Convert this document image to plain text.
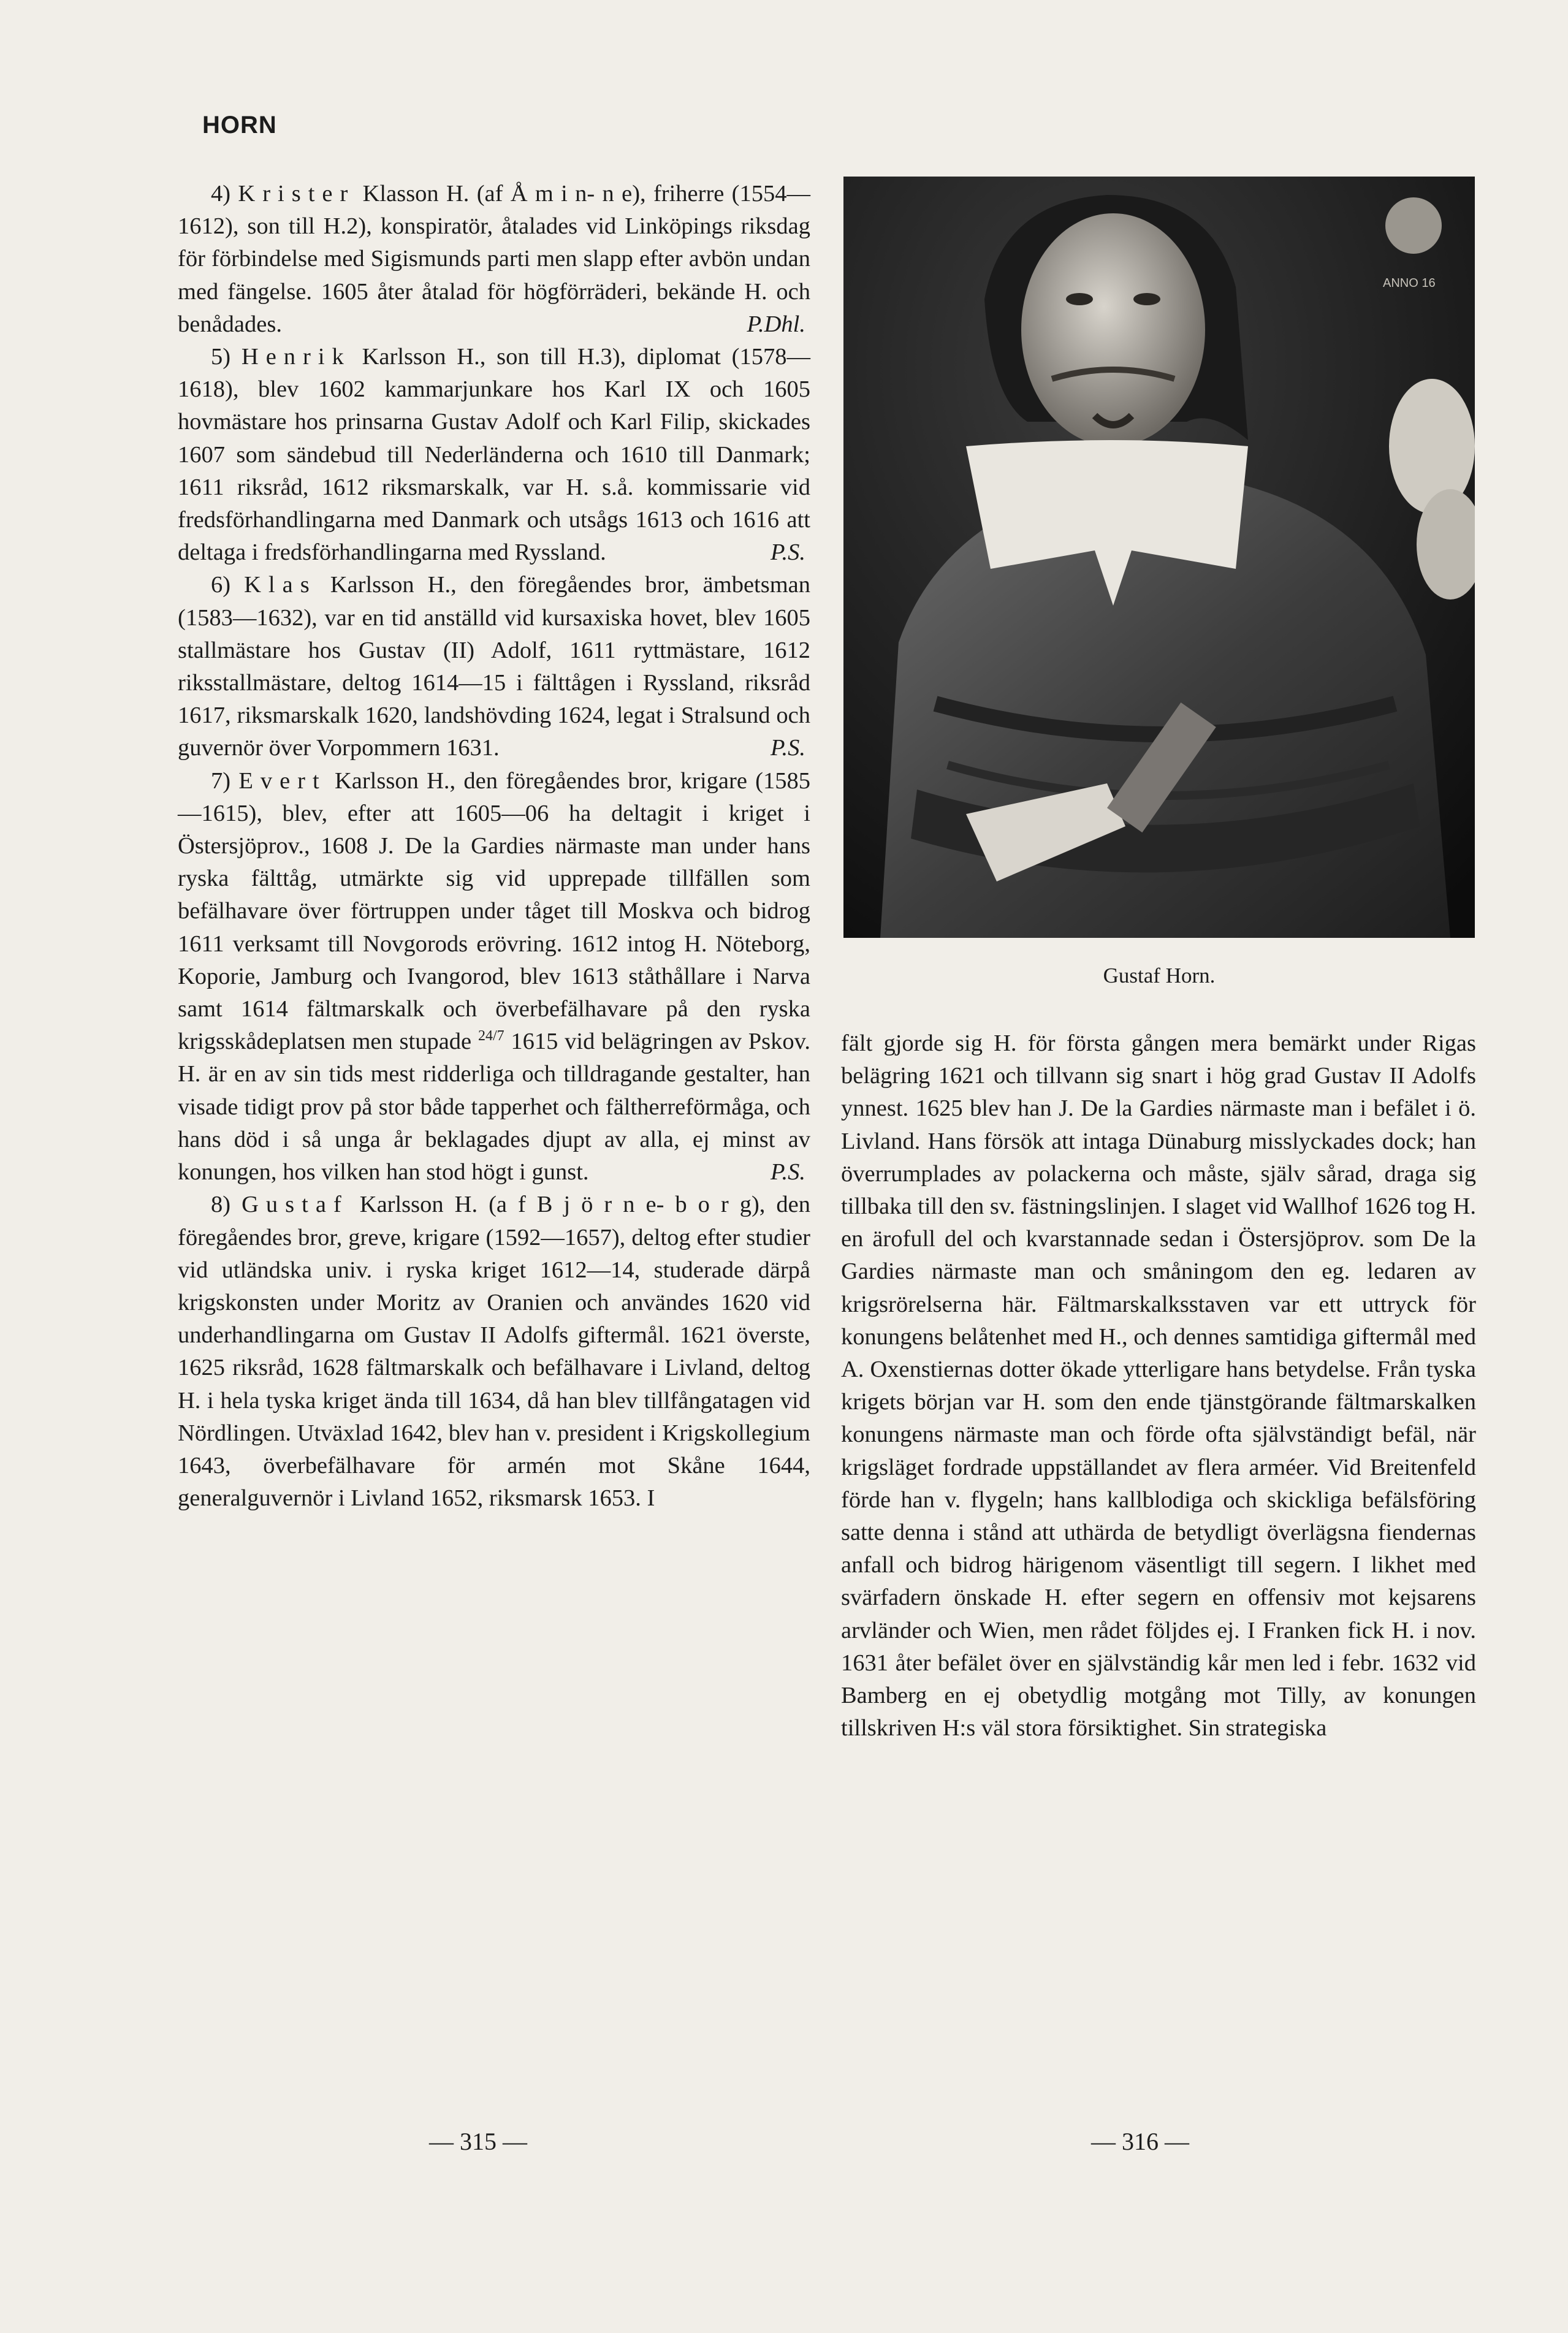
HORN

4) Krister Klasson H. (af Å m i n- n e), friherre (1554—1612), son till H.2), konspiratör, åtalades vid Linköpings riksdag för förbindelse med Sigismunds parti men slapp efter avbön undan med fängelse. 1605 åter åtalad för högförräderi, bekände H. och benådades.	P.Dhl.

5) Henrik Karlsson H., son till H.3), diplomat (1578—1618), blev 1602 kammarjunkare hos Karl IX och 1605 hovmästare hos prinsarna Gustav Adolf och Karl Filip, skickades 1607 som sändebud till Nederländerna och 1610 till Danmark; 1611 riksråd, 1612 riksmarskalk, var H. s.å. kommissarie vid fredsförhandlingarna med Danmark och utsågs 1613 och 1616 att deltaga i fredsförhandlingarna med Ryssland.	P.S.

6) Klas Karlsson H., den föregåendes bror, ämbetsman (1583—1632), var en tid anställd vid kursaxiska hovet, blev 1605 stallmästare hos Gustav (II) Adolf, 1611 ryttmästare, 1612 riksstallmästare, deltog 1614—15 i fälttågen i Ryssland, riksråd 1617, riksmarskalk 1620, landshövding 1624, legat i Stralsund och guvernör över Vorpommern 1631.	P.S.

7) Evert Karlsson H., den föregåendes bror, krigare (1585—1615), blev, efter att 1605—06 ha deltagit i kriget i Östersjöprov., 1608 J. De la Gardies närmaste man under hans ryska fälttåg, utmärkte sig vid upprepade tillfällen som befälhavare över förtruppen under tåget till Moskva och bidrog 1611 verksamt till Novgorods erövring. 1612 intog H. Nöteborg, Koporie, Jamburg och Ivangorod, blev 1613 ståthållare i Narva samt 1614 fältmarskalk och överbefälhavare på den ryska krigsskådeplatsen men stupade $^{24/7}$ 1615 vid belägringen av Pskov. H. är en av sin tids mest ridderliga och tilldragande gestalter, han visade tidigt prov på stor både tapperhet och fältherreförmåga, och hans död i så unga år beklagades djupt av alla, ej minst av konungen, hos vilken han stod högt i gunst.	P.S.

8) Gustaf Karlsson H. (a f B j ö r n e- b o r g), den föregåendes bror, greve, krigare (1592—1657), deltog efter studier vid utländska univ. i ryska kriget 1612—14, studerade därpå krigskonsten under Moritz av Oranien och användes 1620 vid underhandlingarna om Gustav II Adolfs giftermål. 1621 överste, 1625 riksråd, 1628 fältmarskalk och befälhavare i Livland, deltog H. i hela tyska kriget ända till 1634, då han blev tillfångatagen vid Nördlingen. Utväxlad 1642, blev han v. president i Krigskollegium 1643, överbefälhavare för armén mot Skåne 1644, generalguvernör i Livland 1652, riksmarsk 1653. I

ANNO 16
Gustaf Horn.

fält gjorde sig H. för första gången mera bemärkt under Rigas belägring 1621 och tillvann sig snart i hög grad Gustav II Adolfs ynnest. 1625 blev han J. De la Gardies närmaste man i befälet i ö. Livland. Hans försök att intaga Dünaburg misslyckades dock; han överrumplades av polackerna och måste, själv sårad, draga sig tillbaka till den sv. fästningslinjen. I slaget vid Wallhof 1626 tog H. en ärofull del och kvarstannade sedan i Östersjöprov. som De la Gardies närmaste man och småningom den eg. ledaren av krigsrörelserna här. Fältmarskalksstaven var ett uttryck för konungens belåtenhet med H., och dennes samtidiga giftermål med A. Oxenstiernas dotter ökade ytterligare hans betydelse. Från tyska krigets början var H. som den ende tjänstgörande fältmarskalken konungens närmaste man och förde ofta självständigt befäl, när krigsläget fordrade uppställandet av flera arméer. Vid Breitenfeld förde han v. flygeln; hans kallblodiga och skickliga befälsföring satte denna i stånd att uthärda de betydligt överlägsna fiendernas anfall och bidrog härigenom väsentligt till segern. I likhet med svärfadern önskade H. efter segern en offensiv mot kejsarens arvländer och Wien, men rådet följdes ej. I Franken fick H. i nov. 1631 åter befälet över en självständig kår men led i febr. 1632 vid Bamberg en ej obetydlig motgång mot Tilly, av konungen tillskriven H:s väl stora försiktighet. Sin strategiska

— 315 —	— 316 —
